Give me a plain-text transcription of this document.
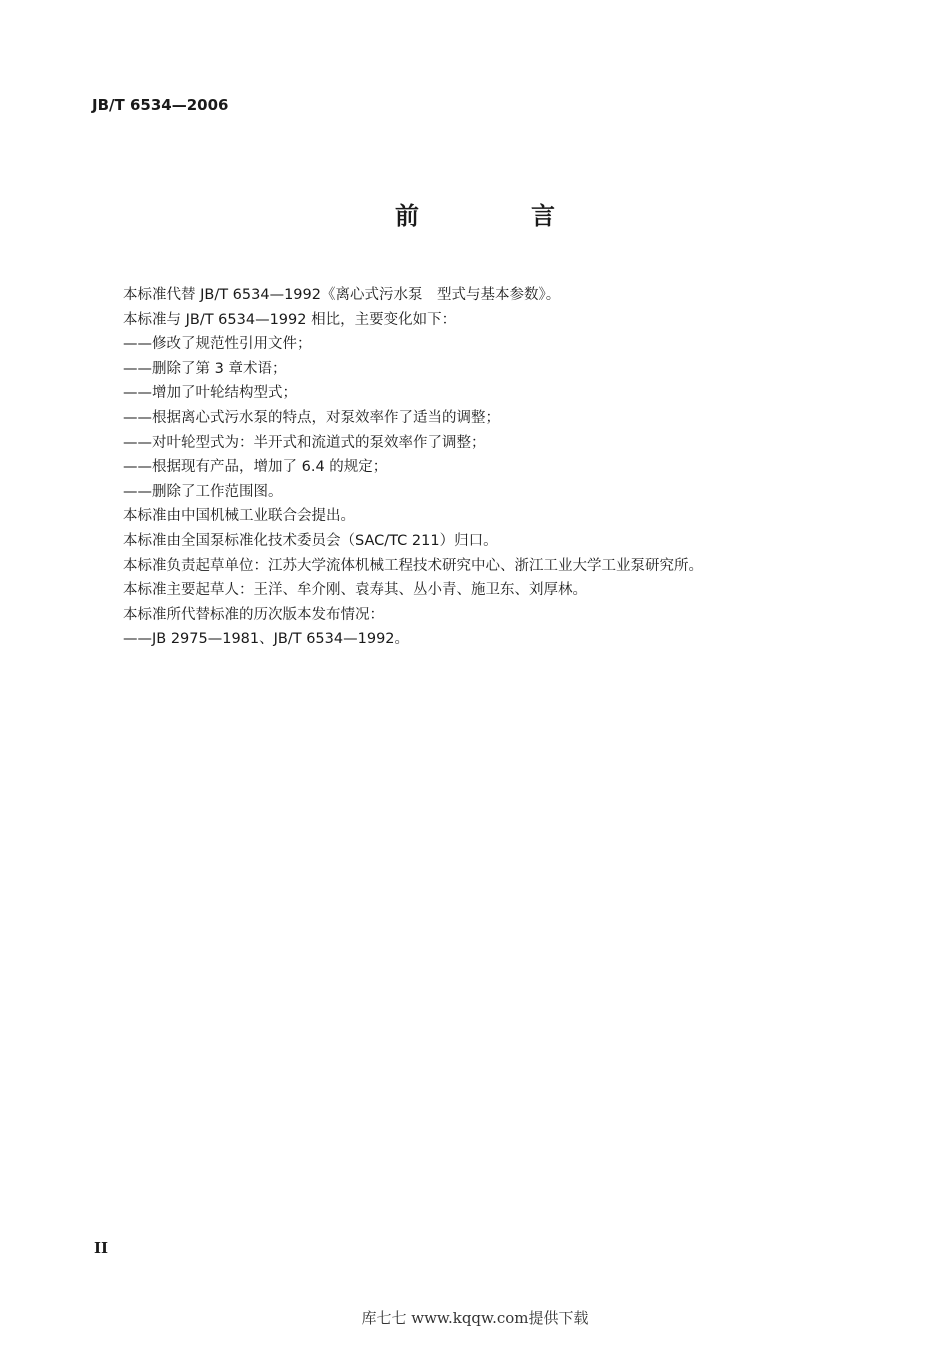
JB/T 6534—2006
前　言
本标准代替 JB/T 6534—1992《离心式污水泵　型式与基本参数》。
本标准与 JB/T 6534—1992 相比，主要变化如下：
——修改了规范性引用文件；
——删除了第 3 章术语；
——增加了叶轮结构型式；
——根据离心式污水泵的特点，对泵效率作了适当的调整；
——对叶轮型式为：半开式和流道式的泵效率作了调整；
——根据现有产品，增加了 6.4 的规定；
——删除了工作范围图。
本标准由中国机械工业联合会提出。
本标准由全国泵标准化技术委员会（SAC/TC 211）归口。
本标准负责起草单位：江苏大学流体机械工程技术研究中心、浙江工业大学工业泵研究所。
本标准主要起草人：王洋、牟介刚、袁寿其、丛小青、施卫东、刘厚林。
本标准所代替标准的历次版本发布情况：
——JB 2975—1981、JB/T 6534—1992。
II
库七七 www.kqqw.com提供下载
